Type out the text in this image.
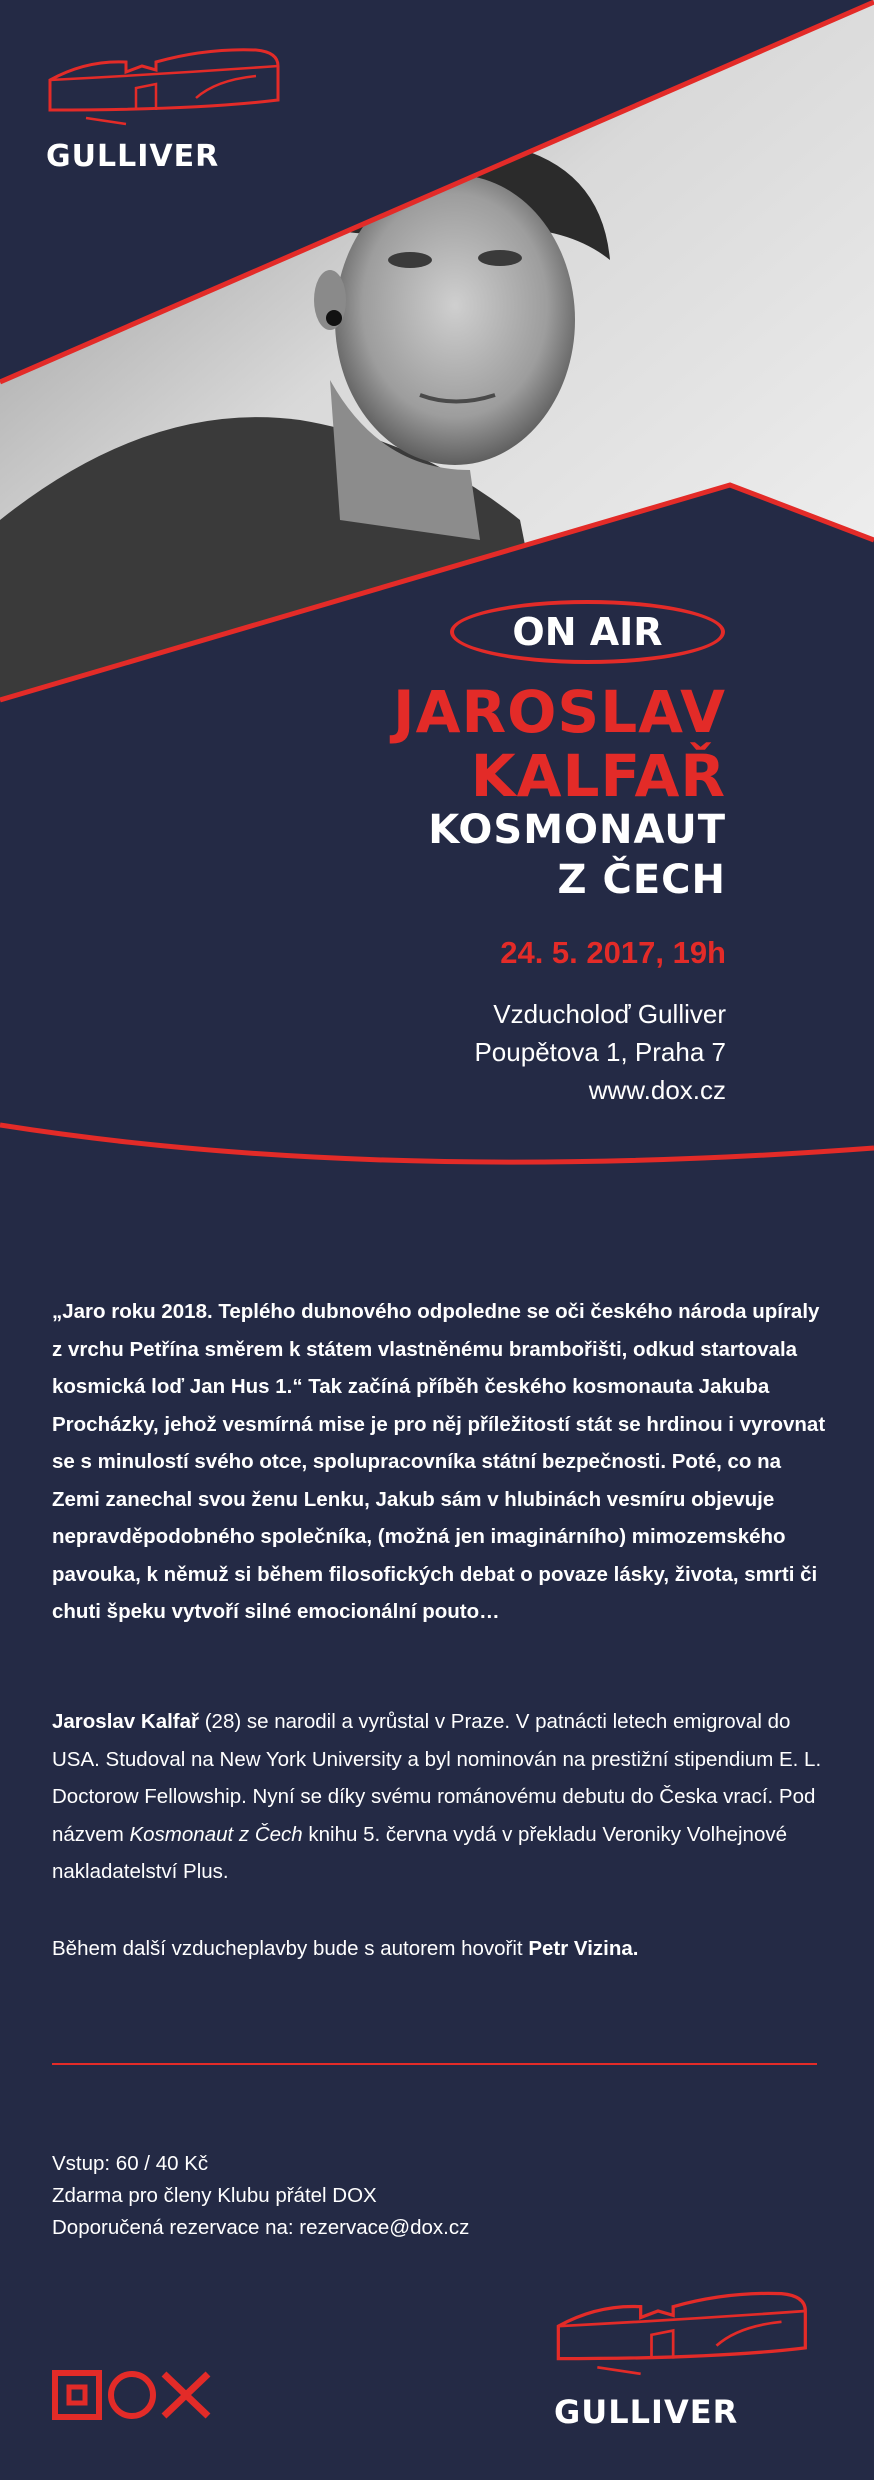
GULLIVER
ON AIR
JAROSLAV
KALFAŘ
KOSMONAUT
Z ČECH
24. 5. 2017, 19h
Vzducholoď Gulliver
Poupětova 1, Praha 7
www.dox.cz
„Jaro roku 2018. Teplého dubnového odpoledne se oči českého národa upíraly z vrchu Petřína směrem k státem vlastněnému brambořišti, odkud startovala kosmická loď Jan Hus 1.“ Tak začíná příběh českého kosmonauta Jakuba Procházky, jehož vesmírná mise je pro něj příležitostí stát se hrdinou i vyrovnat se s minulostí svého otce, spolupracovníka státní bezpečnosti. Poté, co na Zemi zanechal svou ženu Lenku, Jakub sám v hlubinách vesmíru objevuje nepravděpodobného společníka, (možná jen imaginárního) mimozemského pavouka, k němuž si během filosofických debat o povaze lásky, života, smrti či chuti špeku vytvoří silné emocionální pouto…
Jaroslav Kalfař (28) se narodil a vyrůstal v Praze. V patnácti letech emigroval do USA. Studoval na New York University a byl nominován na prestižní stipendium E. L. Doctorow Fellowship. Nyní se díky svému románovému debutu do Česka vrací. Pod názvem Kosmonaut z Čech knihu 5. června vydá v překladu Veroniky Volhejnové nakladatelství Plus.
Během další vzducheplavby bude s autorem hovořit Petr Vizina.
Vstup: 60 / 40 Kč
Zdarma pro členy Klubu přátel DOX
Doporučená rezervace na: rezervace@dox.cz
GULLIVER
